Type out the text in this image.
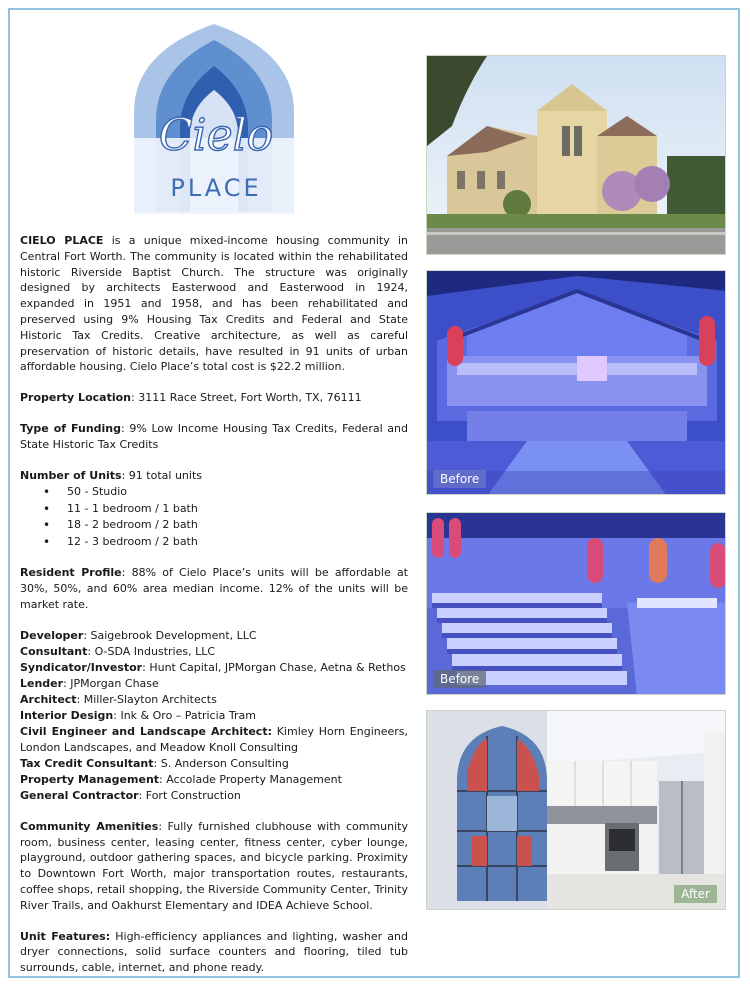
Cielo
PLACE

CIELO PLACE is a unique mixed-income housing community in Central Fort Worth. The community is located within the rehabilitated historic Riverside Baptist Church. The structure was originally designed by architects Easterwood and Easterwood in 1924, expanded in 1951 and 1958, and has been rehabilitated and preserved using 9% Housing Tax Credits and Federal and State Historic Tax Credits. Creative architecture, as well as careful preservation of historic details, have resulted in 91 units of urban affordable housing. Cielo Place’s total cost is $22.2 million.

Property Location: 3111 Race Street, Fort Worth, TX, 76111

Type of Funding: 9% Low Income Housing Tax Credits, Federal and State Historic Tax Credits

Number of Units: 91 total units

• 50 - Studio
• 11 - 1 bedroom / 1 bath
• 18 - 2 bedroom / 2 bath
• 12 - 3 bedroom / 2 bath

Resident Profile: 88% of Cielo Place’s units will be affordable at 30%, 50%, and 60% area median income. 12% of the units will be market rate.

Developer: Saigebrook Development, LLC

Consultant: O-SDA Industries, LLC

Syndicator/Investor: Hunt Capital, JPMorgan Chase, Aetna & Rethos

Lender: JPMorgan Chase

Architect: Miller-Slayton Architects

Interior Design: Ink & Oro – Patricia Tram

Civil Engineer and Landscape Architect: Kimley Horn Engineers, London Landscapes, and Meadow Knoll Consulting

Tax Credit Consultant: S. Anderson Consulting

Property Management: Accolade Property Management

General Contractor: Fort Construction

Community Amenities: Fully furnished clubhouse with community room, business center, leasing center, fitness center, cyber lounge, playground, outdoor gathering spaces, and bicycle parking. Proximity to Downtown Fort Worth, major transportation routes, restaurants, coffee shops, retail shopping, the Riverside Community Center, Trinity River Trails, and Oakhurst Elementary and IDEA Achieve School.

Unit Features: High-efficiency appliances and lighting, washer and dryer connections, solid surface counters and flooring, tiled tub surrounds, cable, internet, and phone ready.

Before
Before
After
